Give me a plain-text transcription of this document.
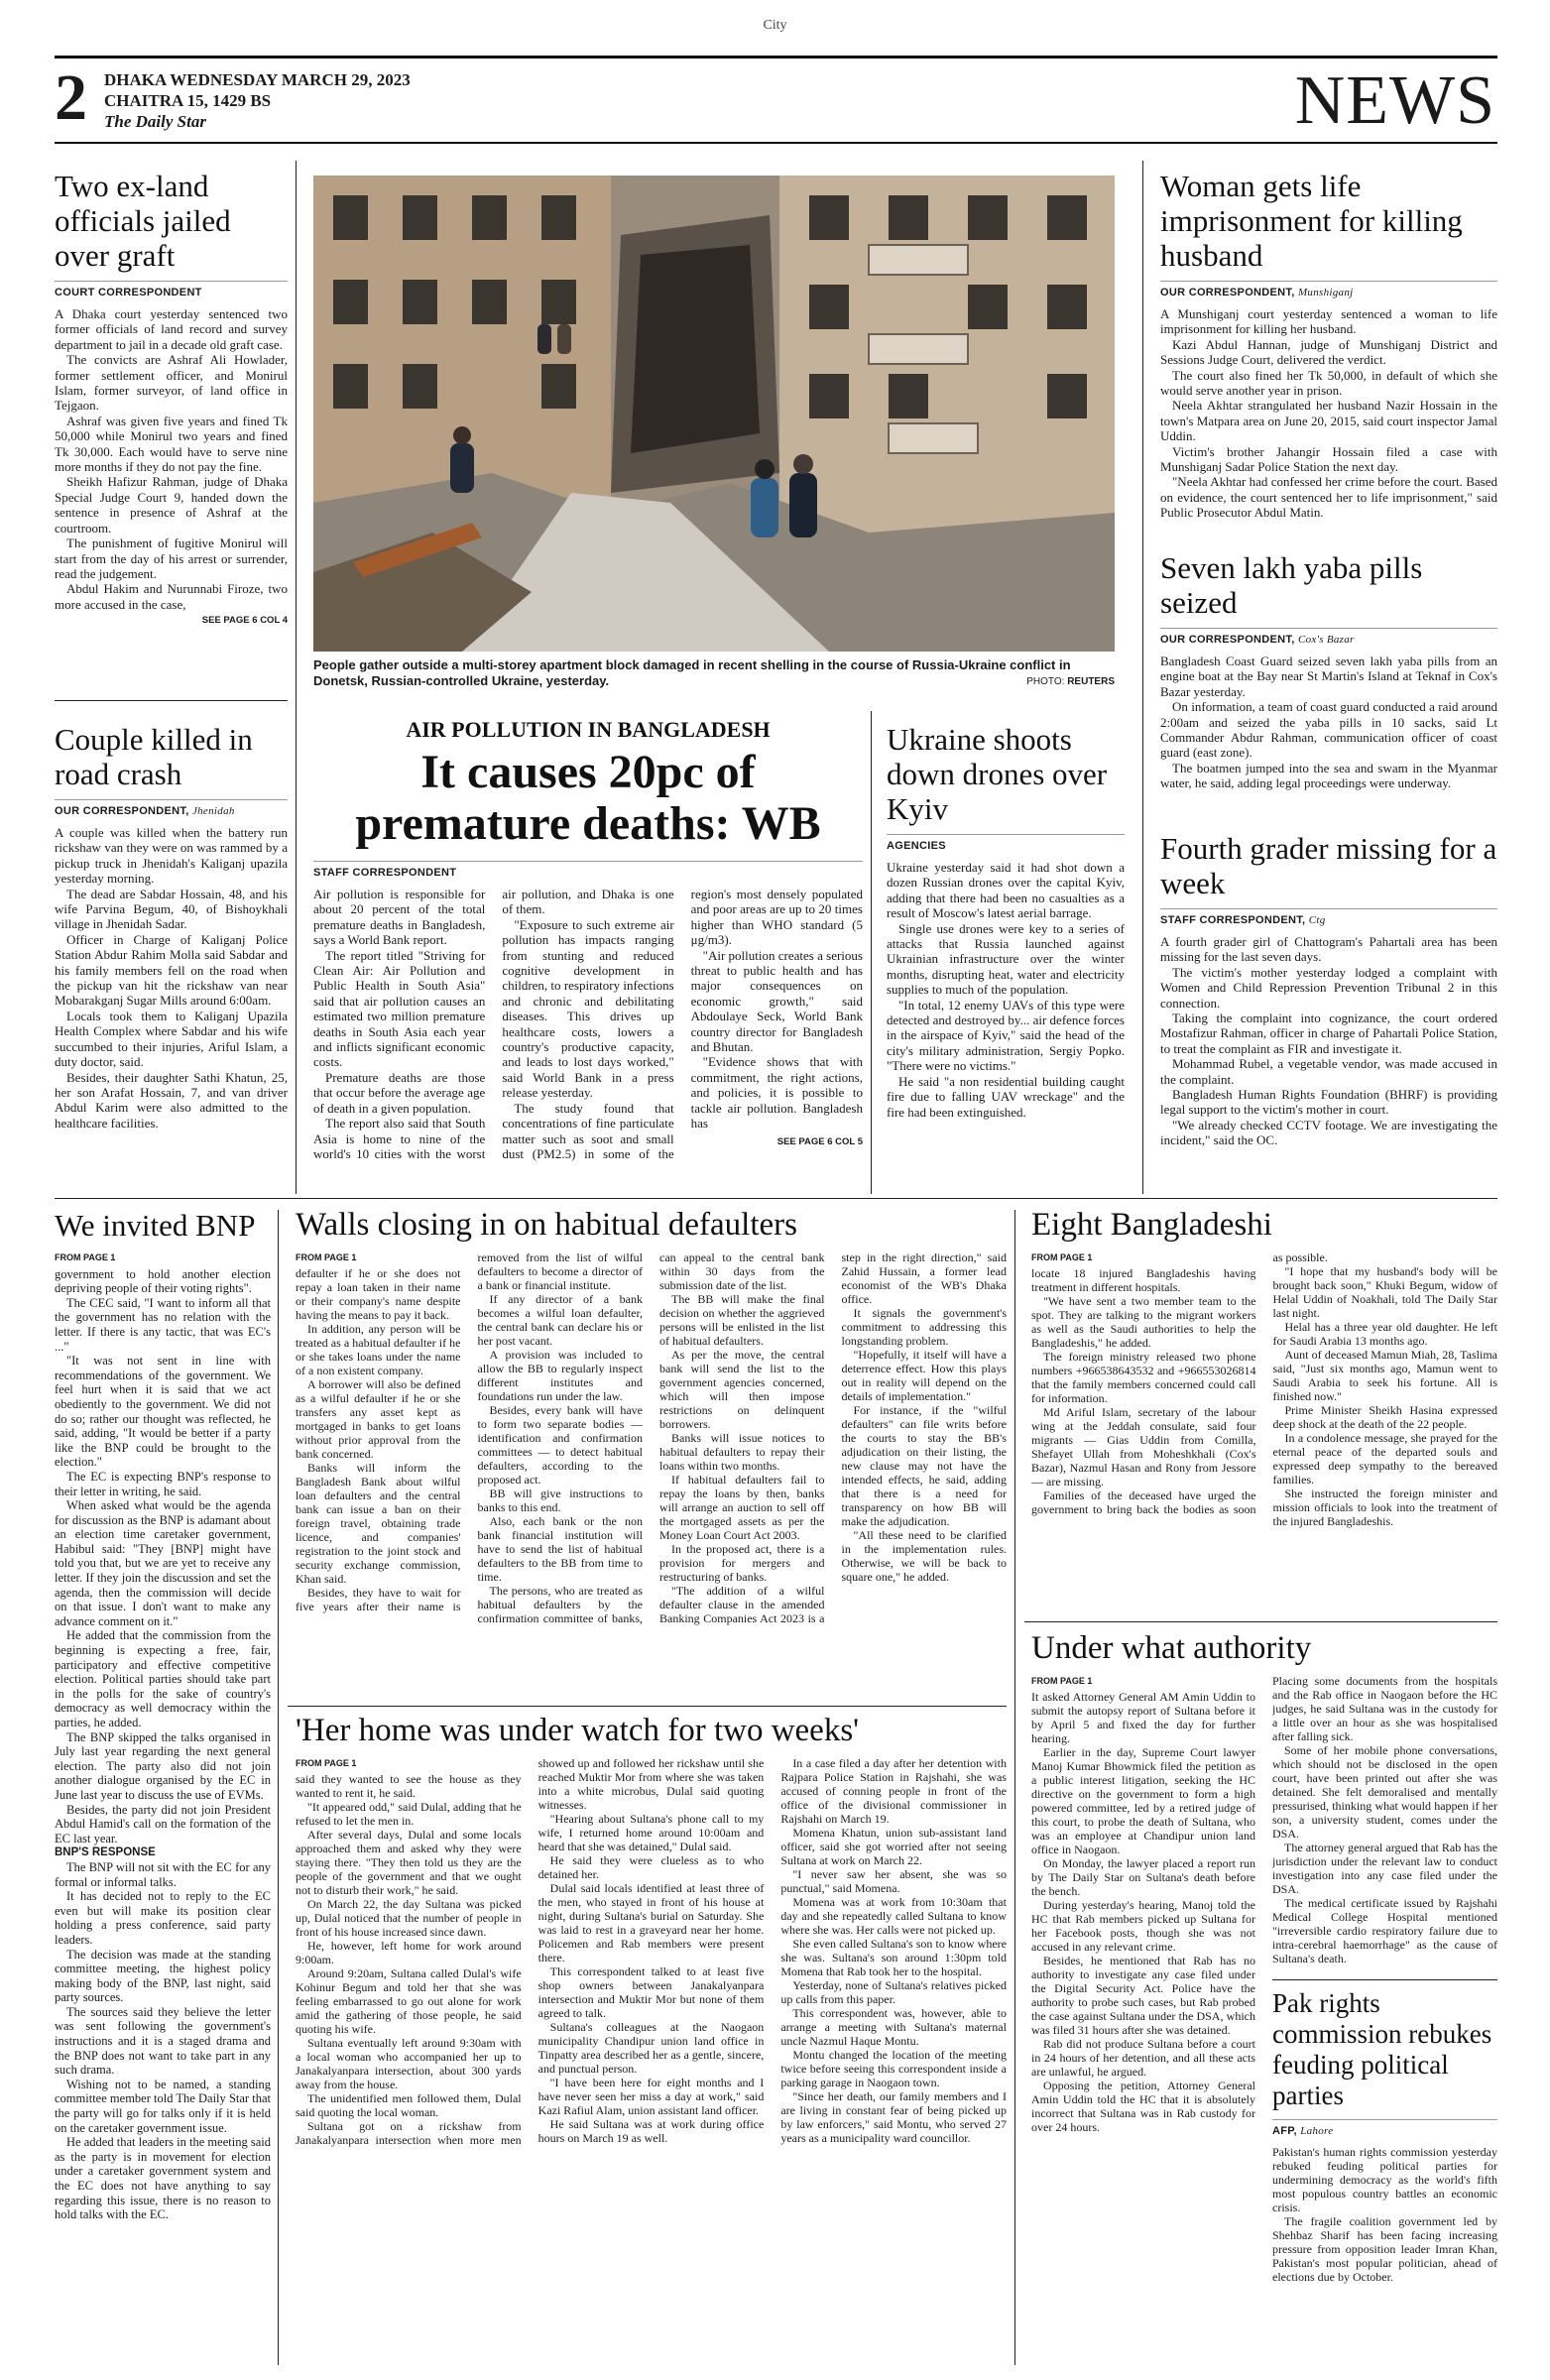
City
2 DHAKA WEDNESDAY MARCH 29, 2023
CHAITRA 15, 1429 BS
The Daily Star	NEWS
Two ex-land officials jailed over graft
COURT CORRESPONDENT

A Dhaka court yesterday sentenced two former officials of land record and survey department to jail in a decade old graft case.

The convicts are Ashraf Ali Howlader, former settlement officer, and Monirul Islam, former surveyor, of land office in Tejgaon.

Ashraf was given five years and fined Tk 50,000 while Monirul two years and fined Tk 30,000. Each would have to serve nine more months if they do not pay the fine.

Sheikh Hafizur Rahman, judge of Dhaka Special Judge Court 9, handed down the sentence in presence of Ashraf at the courtroom.

The punishment of fugitive Monirul will start from the day of his arrest or surrender, read the judgement.

Abdul Hakim and Nurunnabi Firoze, two more accused in the case,

SEE PAGE 6 COL 4
Couple killed in road crash
OUR CORRESPONDENT, Jhenidah

A couple was killed when the battery run rickshaw van they were on was rammed by a pickup truck in Jhenidah's Kaliganj upazila yesterday morning.

The dead are Sabdar Hossain, 48, and his wife Parvina Begum, 40, of Bishoykhali village in Jhenidah Sadar.

Officer in Charge of Kaliganj Police Station Abdur Rahim Molla said Sabdar and his family members fell on the road when the pickup van hit the rickshaw van near Mobarakganj Sugar Mills around 6:00am.

Locals took them to Kaliganj Upazila Health Complex where Sabdar and his wife succumbed to their injuries, Ariful Islam, a duty doctor, said.

Besides, their daughter Sathi Khatun, 25, her son Arafat Hossain, 7, and van driver Abdul Karim were also admitted to the healthcare facilities.

People gather outside a multi-storey apartment block damaged in recent shelling in the course of Russia-Ukraine conflict in Donetsk, Russian-controlled Ukraine, yesterday.	PHOTO: REUTERS
AIR POLLUTION IN BANGLADESH
It causes 20pc of premature deaths: WB
STAFF CORRESPONDENT

Air pollution is responsible for about 20 percent of the total premature deaths in Bangladesh, says a World Bank report.

The report titled "Striving for Clean Air: Air Pollution and Public Health in South Asia" said that air pollution causes an estimated two million premature deaths in South Asia each year and inflicts significant economic costs.

Premature deaths are those that occur before the average age of death in a given population.

The report also said that South Asia is home to nine of the world's 10 cities with the worst air pollution, and Dhaka is one of them.

"Exposure to such extreme air pollution has impacts ranging from stunting and reduced cognitive development in children, to respiratory infections and chronic and debilitating diseases. This drives up healthcare costs, lowers a country's productive capacity, and leads to lost days worked," said World Bank in a press release yesterday.

The study found that concentrations of fine particulate matter such as soot and small dust (PM2.5) in some of the region's most densely populated and poor areas are up to 20 times higher than WHO standard (5 μg/m3).

"Air pollution creates a serious threat to public health and has major consequences on economic growth," said Abdoulaye Seck, World Bank country director for Bangladesh and Bhutan.

"Evidence shows that with commitment, the right actions, and policies, it is possible to tackle air pollution. Bangladesh has

SEE PAGE 6 COL 5
Ukraine shoots down drones over Kyiv
AGENCIES

Ukraine yesterday said it had shot down a dozen Russian drones over the capital Kyiv, adding that there had been no casualties as a result of Moscow's latest aerial barrage.

Single use drones were key to a series of attacks that Russia launched against Ukrainian infrastructure over the winter months, disrupting heat, water and electricity supplies to much of the population.

"In total, 12 enemy UAVs of this type were detected and destroyed by... air defence forces in the airspace of Kyiv," said the head of the city's military administration, Sergiy Popko. "There were no victims."

He said "a non residential building caught fire due to falling UAV wreckage" and the fire had been extinguished.

Woman gets life imprisonment for killing husband
OUR CORRESPONDENT, Munshiganj

A Munshiganj court yesterday sentenced a woman to life imprisonment for killing her husband.

Kazi Abdul Hannan, judge of Munshiganj District and Sessions Judge Court, delivered the verdict.

The court also fined her Tk 50,000, in default of which she would serve another year in prison.

Neela Akhtar strangulated her husband Nazir Hossain in the town's Matpara area on June 20, 2015, said court inspector Jamal Uddin.

Victim's brother Jahangir Hossain filed a case with Munshiganj Sadar Police Station the next day.

"Neela Akhtar had confessed her crime before the court. Based on evidence, the court sentenced her to life imprisonment," said Public Prosecutor Abdul Matin.

Seven lakh yaba pills seized
OUR CORRESPONDENT, Cox's Bazar

Bangladesh Coast Guard seized seven lakh yaba pills from an engine boat at the Bay near St Martin's Island at Teknaf in Cox's Bazar yesterday.

On information, a team of coast guard conducted a raid around 2:00am and seized the yaba pills in 10 sacks, said Lt Commander Abdur Rahman, communication officer of coast guard (east zone).

The boatmen jumped into the sea and swam in the Myanmar water, he said, adding legal proceedings were underway.

Fourth grader missing for a week
STAFF CORRESPONDENT, Ctg

A fourth grader girl of Chattogram's Pahartali area has been missing for the last seven days.

The victim's mother yesterday lodged a complaint with Women and Child Repression Prevention Tribunal 2 in this connection.

Taking the complaint into cognizance, the court ordered Mostafizur Rahman, officer in charge of Pahartali Police Station, to treat the complaint as FIR and investigate it.

Mohammad Rubel, a vegetable vendor, was made accused in the complaint.

Bangladesh Human Rights Foundation (BHRF) is providing legal support to the victim's mother in court.

"We already checked CCTV footage. We are investigating the incident," said the OC.

We invited BNP
FROM PAGE 1

government to hold another election depriving people of their voting rights".

The CEC said, "I want to inform all that the government has no relation with the letter. If there is any tactic, that was EC's ..."

"It was not sent in line with recommendations of the government. We feel hurt when it is said that we act obediently to the government. We did not do so; rather our thought was reflected, he said, adding, "It would be better if a party like the BNP could be brought to the election."

The EC is expecting BNP's response to their letter in writing, he said.

When asked what would be the agenda for discussion as the BNP is adamant about an election time caretaker government, Habibul said: "They [BNP] might have told you that, but we are yet to receive any letter. If they join the discussion and set the agenda, then the commission will decide on that issue. I don't want to make any advance comment on it."

He added that the commission from the beginning is expecting a free, fair, participatory and effective competitive election. Political parties should take part in the polls for the sake of country's democracy as well democracy within the parties, he added.

The BNP skipped the talks organised in July last year regarding the next general election. The party also did not join another dialogue organised by the EC in June last year to discuss the use of EVMs.

Besides, the party did not join President Abdul Hamid's call on the formation of the EC last year.

BNP'S RESPONSE

The BNP will not sit with the EC for any formal or informal talks.

It has decided not to reply to the EC even but will make its position clear holding a press conference, said party leaders.

The decision was made at the standing committee meeting, the highest policy making body of the BNP, last night, said party sources.

The sources said they believe the letter was sent following the government's instructions and it is a staged drama and the BNP does not want to take part in any such drama.

Wishing not to be named, a standing committee member told The Daily Star that the party will go for talks only if it is held on the caretaker government issue.

He added that leaders in the meeting said as the party is in movement for election under a caretaker government system and the EC does not have anything to say regarding this issue, there is no reason to hold talks with the EC.

Walls closing in on habitual defaulters
FROM PAGE 1

defaulter if he or she does not repay a loan taken in their name or their company's name despite having the means to pay it back.

In addition, any person will be treated as a habitual defaulter if he or she takes loans under the name of a non existent company.

A borrower will also be defined as a wilful defaulter if he or she transfers any asset kept as mortgaged in banks to get loans without prior approval from the bank concerned.

Banks will inform the Bangladesh Bank about wilful loan defaulters and the central bank can issue a ban on their foreign travel, obtaining trade licence, and companies' registration to the joint stock and security exchange commission, Khan said.

Besides, they have to wait for five years after their name is removed from the list of wilful defaulters to become a director of a bank or financial institute.

If any director of a bank becomes a wilful loan defaulter, the central bank can declare his or her post vacant.

A provision was included to allow the BB to regularly inspect different institutes and foundations run under the law.

Besides, every bank will have to form two separate bodies — identification and confirmation committees — to detect habitual defaulters, according to the proposed act.

BB will give instructions to banks to this end.

Also, each bank or the non bank financial institution will have to send the list of habitual defaulters to the BB from time to time.

The persons, who are treated as habitual defaulters by the confirmation committee of banks, can appeal to the central bank within 30 days from the submission date of the list.

The BB will make the final decision on whether the aggrieved persons will be enlisted in the list of habitual defaulters.

As per the move, the central bank will send the list to the government agencies concerned, which will then impose restrictions on delinquent borrowers.

Banks will issue notices to habitual defaulters to repay their loans within two months.

If habitual defaulters fail to repay the loans by then, banks will arrange an auction to sell off the mortgaged assets as per the Money Loan Court Act 2003.

In the proposed act, there is a provision for mergers and restructuring of banks.

"The addition of a wilful defaulter clause in the amended Banking Companies Act 2023 is a step in the right direction," said Zahid Hussain, a former lead economist of the WB's Dhaka office.

It signals the government's commitment to addressing this longstanding problem.

"Hopefully, it itself will have a deterrence effect. How this plays out in reality will depend on the details of implementation."

For instance, if the "wilful defaulters" can file writs before the courts to stay the BB's adjudication on their listing, the new clause may not have the intended effects, he said, adding that there is a need for transparency on how BB will make the adjudication.

"All these need to be clarified in the implementation rules. Otherwise, we will be back to square one," he added.

'Her home was under watch for two weeks'
FROM PAGE 1

said they wanted to see the house as they wanted to rent it, he said.

"It appeared odd," said Dulal, adding that he refused to let the men in.

After several days, Dulal and some locals approached them and asked why they were staying there. "They then told us they are the people of the government and that we ought not to disturb their work," he said.

On March 22, the day Sultana was picked up, Dulal noticed that the number of people in front of his house increased since dawn.

He, however, left home for work around 9:00am.

Around 9:20am, Sultana called Dulal's wife Kohinur Begum and told her that she was feeling embarrassed to go out alone for work amid the gathering of those people, he said quoting his wife.

Sultana eventually left around 9:30am with a local woman who accompanied her up to Janakalyanpara intersection, about 300 yards away from the house.

The unidentified men followed them, Dulal said quoting the local woman.

Sultana got on a rickshaw from Janakalyanpara intersection when more men showed up and followed her rickshaw until she reached Muktir Mor from where she was taken into a white microbus, Dulal said quoting witnesses.

"Hearing about Sultana's phone call to my wife, I returned home around 10:00am and heard that she was detained," Dulal said.

He said they were clueless as to who detained her.

Dulal said locals identified at least three of the men, who stayed in front of his house at night, during Sultana's burial on Saturday. She was laid to rest in a graveyard near her home. Policemen and Rab members were present there.

This correspondent talked to at least five shop owners between Janakalyanpara intersection and Muktir Mor but none of them agreed to talk.

Sultana's colleagues at the Naogaon municipality Chandipur union land office in Tinpatty area described her as a gentle, sincere, and punctual person.

"I have been here for eight months and I have never seen her miss a day at work," said Kazi Rafiul Alam, union assistant land officer.

He said Sultana was at work during office hours on March 19 as well.

In a case filed a day after her detention with Rajpara Police Station in Rajshahi, she was accused of conning people in front of the office of the divisional commissioner in Rajshahi on March 19.

Momena Khatun, union sub-assistant land officer, said she got worried after not seeing Sultana at work on March 22.

"I never saw her absent, she was so punctual," said Momena.

Momena was at work from 10:30am that day and she repeatedly called Sultana to know where she was. Her calls were not picked up.

She even called Sultana's son to know where she was. Sultana's son around 1:30pm told Momena that Rab took her to the hospital.

Yesterday, none of Sultana's relatives picked up calls from this paper.

This correspondent was, however, able to arrange a meeting with Sultana's maternal uncle Nazmul Haque Montu.

Montu changed the location of the meeting twice before seeing this correspondent inside a parking garage in Naogaon town.

"Since her death, our family members and I are living in constant fear of being picked up by law enforcers," said Montu, who served 27 years as a municipality ward councillor.

Eight Bangladeshi
FROM PAGE 1

locate 18 injured Bangladeshis having treatment in different hospitals.

"We have sent a two member team to the spot. They are talking to the migrant workers as well as the Saudi authorities to help the Bangladeshis," he added.

The foreign ministry released two phone numbers +966538643532 and +966553026814 that the family members concerned could call for information.

Md Ariful Islam, secretary of the labour wing at the Jeddah consulate, said four migrants — Gias Uddin from Comilla, Shefayet Ullah from Moheshkhali (Cox's Bazar), Nazmul Hasan and Rony from Jessore — are missing.

Families of the deceased have urged the government to bring back the bodies as soon as possible.

"I hope that my husband's body will be brought back soon," Khuki Begum, widow of Helal Uddin of Noakhali, told The Daily Star last night.

Helal has a three year old daughter. He left for Saudi Arabia 13 months ago.

Aunt of deceased Mamun Miah, 28, Taslima said, "Just six months ago, Mamun went to Saudi Arabia to seek his fortune. All is finished now."

Prime Minister Sheikh Hasina expressed deep shock at the death of the 22 people.

In a condolence message, she prayed for the eternal peace of the departed souls and expressed deep sympathy to the bereaved families.

She instructed the foreign minister and mission officials to look into the treatment of the injured Bangladeshis.

Under what authority
FROM PAGE 1

It asked Attorney General AM Amin Uddin to submit the autopsy report of Sultana before it by April 5 and fixed the day for further hearing.

Earlier in the day, Supreme Court lawyer Manoj Kumar Bhowmick filed the petition as a public interest litigation, seeking the HC directive on the government to form a high powered committee, led by a retired judge of this court, to probe the death of Sultana, who was an employee at Chandipur union land office in Naogaon.

On Monday, the lawyer placed a report run by The Daily Star on Sultana's death before the bench.

During yesterday's hearing, Manoj told the HC that Rab members picked up Sultana for her Facebook posts, though she was not accused in any relevant crime.

Besides, he mentioned that Rab has no authority to investigate any case filed under the Digital Security Act. Police have the authority to probe such cases, but Rab probed the case against Sultana under the DSA, which was filed 31 hours after she was detained.

Rab did not produce Sultana before a court in 24 hours of her detention, and all these acts are unlawful, he argued.

Opposing the petition, Attorney General Amin Uddin told the HC that it is absolutely incorrect that Sultana was in Rab custody for over 24 hours.

Placing some documents from the hospitals and the Rab office in Naogaon before the HC judges, he said Sultana was in the custody for a little over an hour as she was hospitalised after falling sick.

Some of her mobile phone conversations, which should not be disclosed in the open court, have been printed out after she was detained. She felt demoralised and mentally pressurised, thinking what would happen if her son, a university student, comes under the DSA.

The attorney general argued that Rab has the jurisdiction under the relevant law to conduct investigation into any case filed under the DSA.

The medical certificate issued by Rajshahi Medical College Hospital mentioned "irreversible cardio respiratory failure due to intra-cerebral haemorrhage" as the cause of Sultana's death.

Pak rights commission rebukes feuding political parties
AFP, Lahore

Pakistan's human rights commission yesterday rebuked feuding political parties for undermining democracy as the world's fifth most populous country battles an economic crisis.

The fragile coalition government led by Shehbaz Sharif has been facing increasing pressure from opposition leader Imran Khan, Pakistan's most popular politician, ahead of elections due by October.
